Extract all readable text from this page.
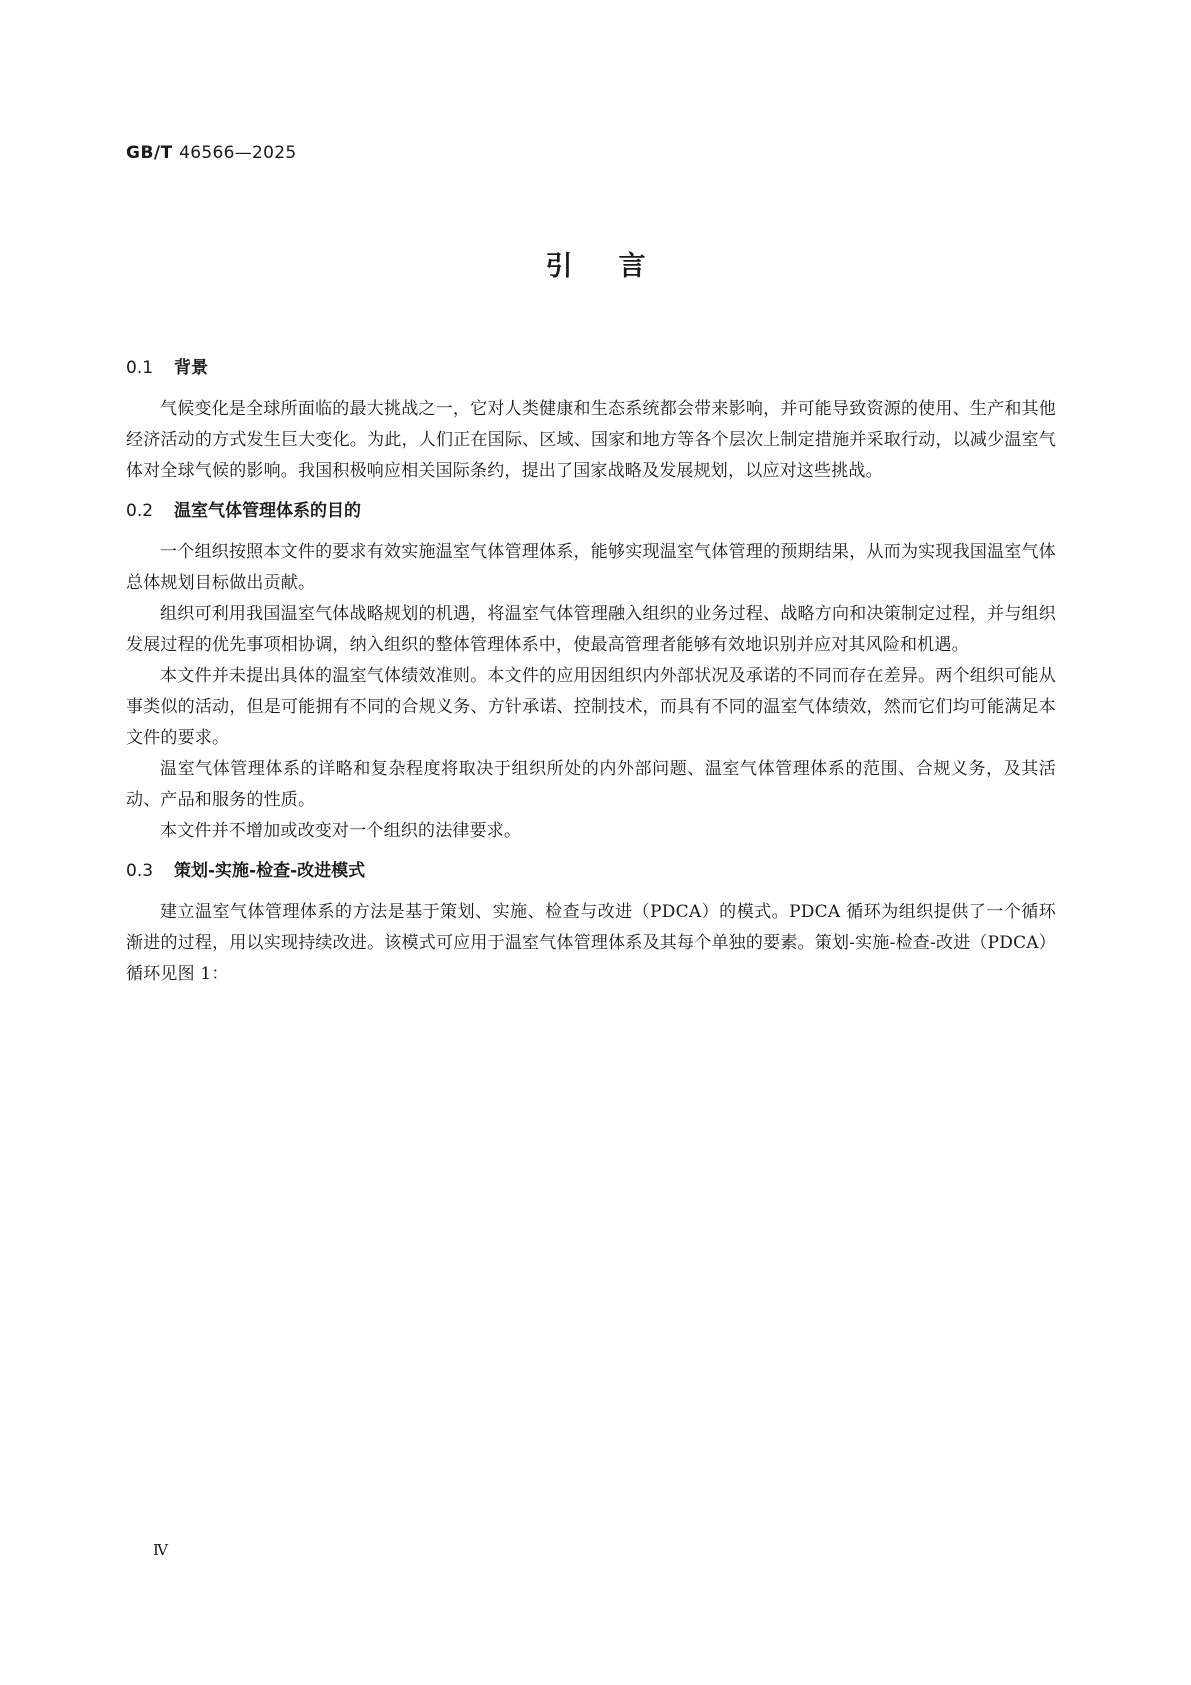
GB/T 46566—2025
引言
0.1 背景

气候变化是全球所面临的最大挑战之一，它对人类健康和生态系统都会带来影响，并可能导致资源的使用、生产和其他经济活动的方式发生巨大变化。为此，人们正在国际、区域、国家和地方等各个层次上制定措施并采取行动，以减少温室气体对全球气候的影响。我国积极响应相关国际条约，提出了国家战略及发展规划，以应对这些挑战。

0.2 温室气体管理体系的目的

一个组织按照本文件的要求有效实施温室气体管理体系，能够实现温室气体管理的预期结果，从而为实现我国温室气体总体规划目标做出贡献。

组织可利用我国温室气体战略规划的机遇，将温室气体管理融入组织的业务过程、战略方向和决策制定过程，并与组织发展过程的优先事项相协调，纳入组织的整体管理体系中，使最高管理者能够有效地识别并应对其风险和机遇。

本文件并未提出具体的温室气体绩效准则。本文件的应用因组织内外部状况及承诺的不同而存在差异。两个组织可能从事类似的活动，但是可能拥有不同的合规义务、方针承诺、控制技术，而具有不同的温室气体绩效，然而它们均可能满足本文件的要求。

温室气体管理体系的详略和复杂程度将取决于组织所处的内外部问题、温室气体管理体系的范围、合规义务，及其活动、产品和服务的性质。

本文件并不增加或改变对一个组织的法律要求。

0.3 策划-实施-检查-改进模式

建立温室气体管理体系的方法是基于策划、实施、检查与改进（PDCA）的模式。PDCA 循环为组织提供了一个循环渐进的过程，用以实现持续改进。该模式可应用于温室气体管理体系及其每个单独的要素。策划-实施-检查-改进（PDCA）循环见图 1：

Ⅳ
